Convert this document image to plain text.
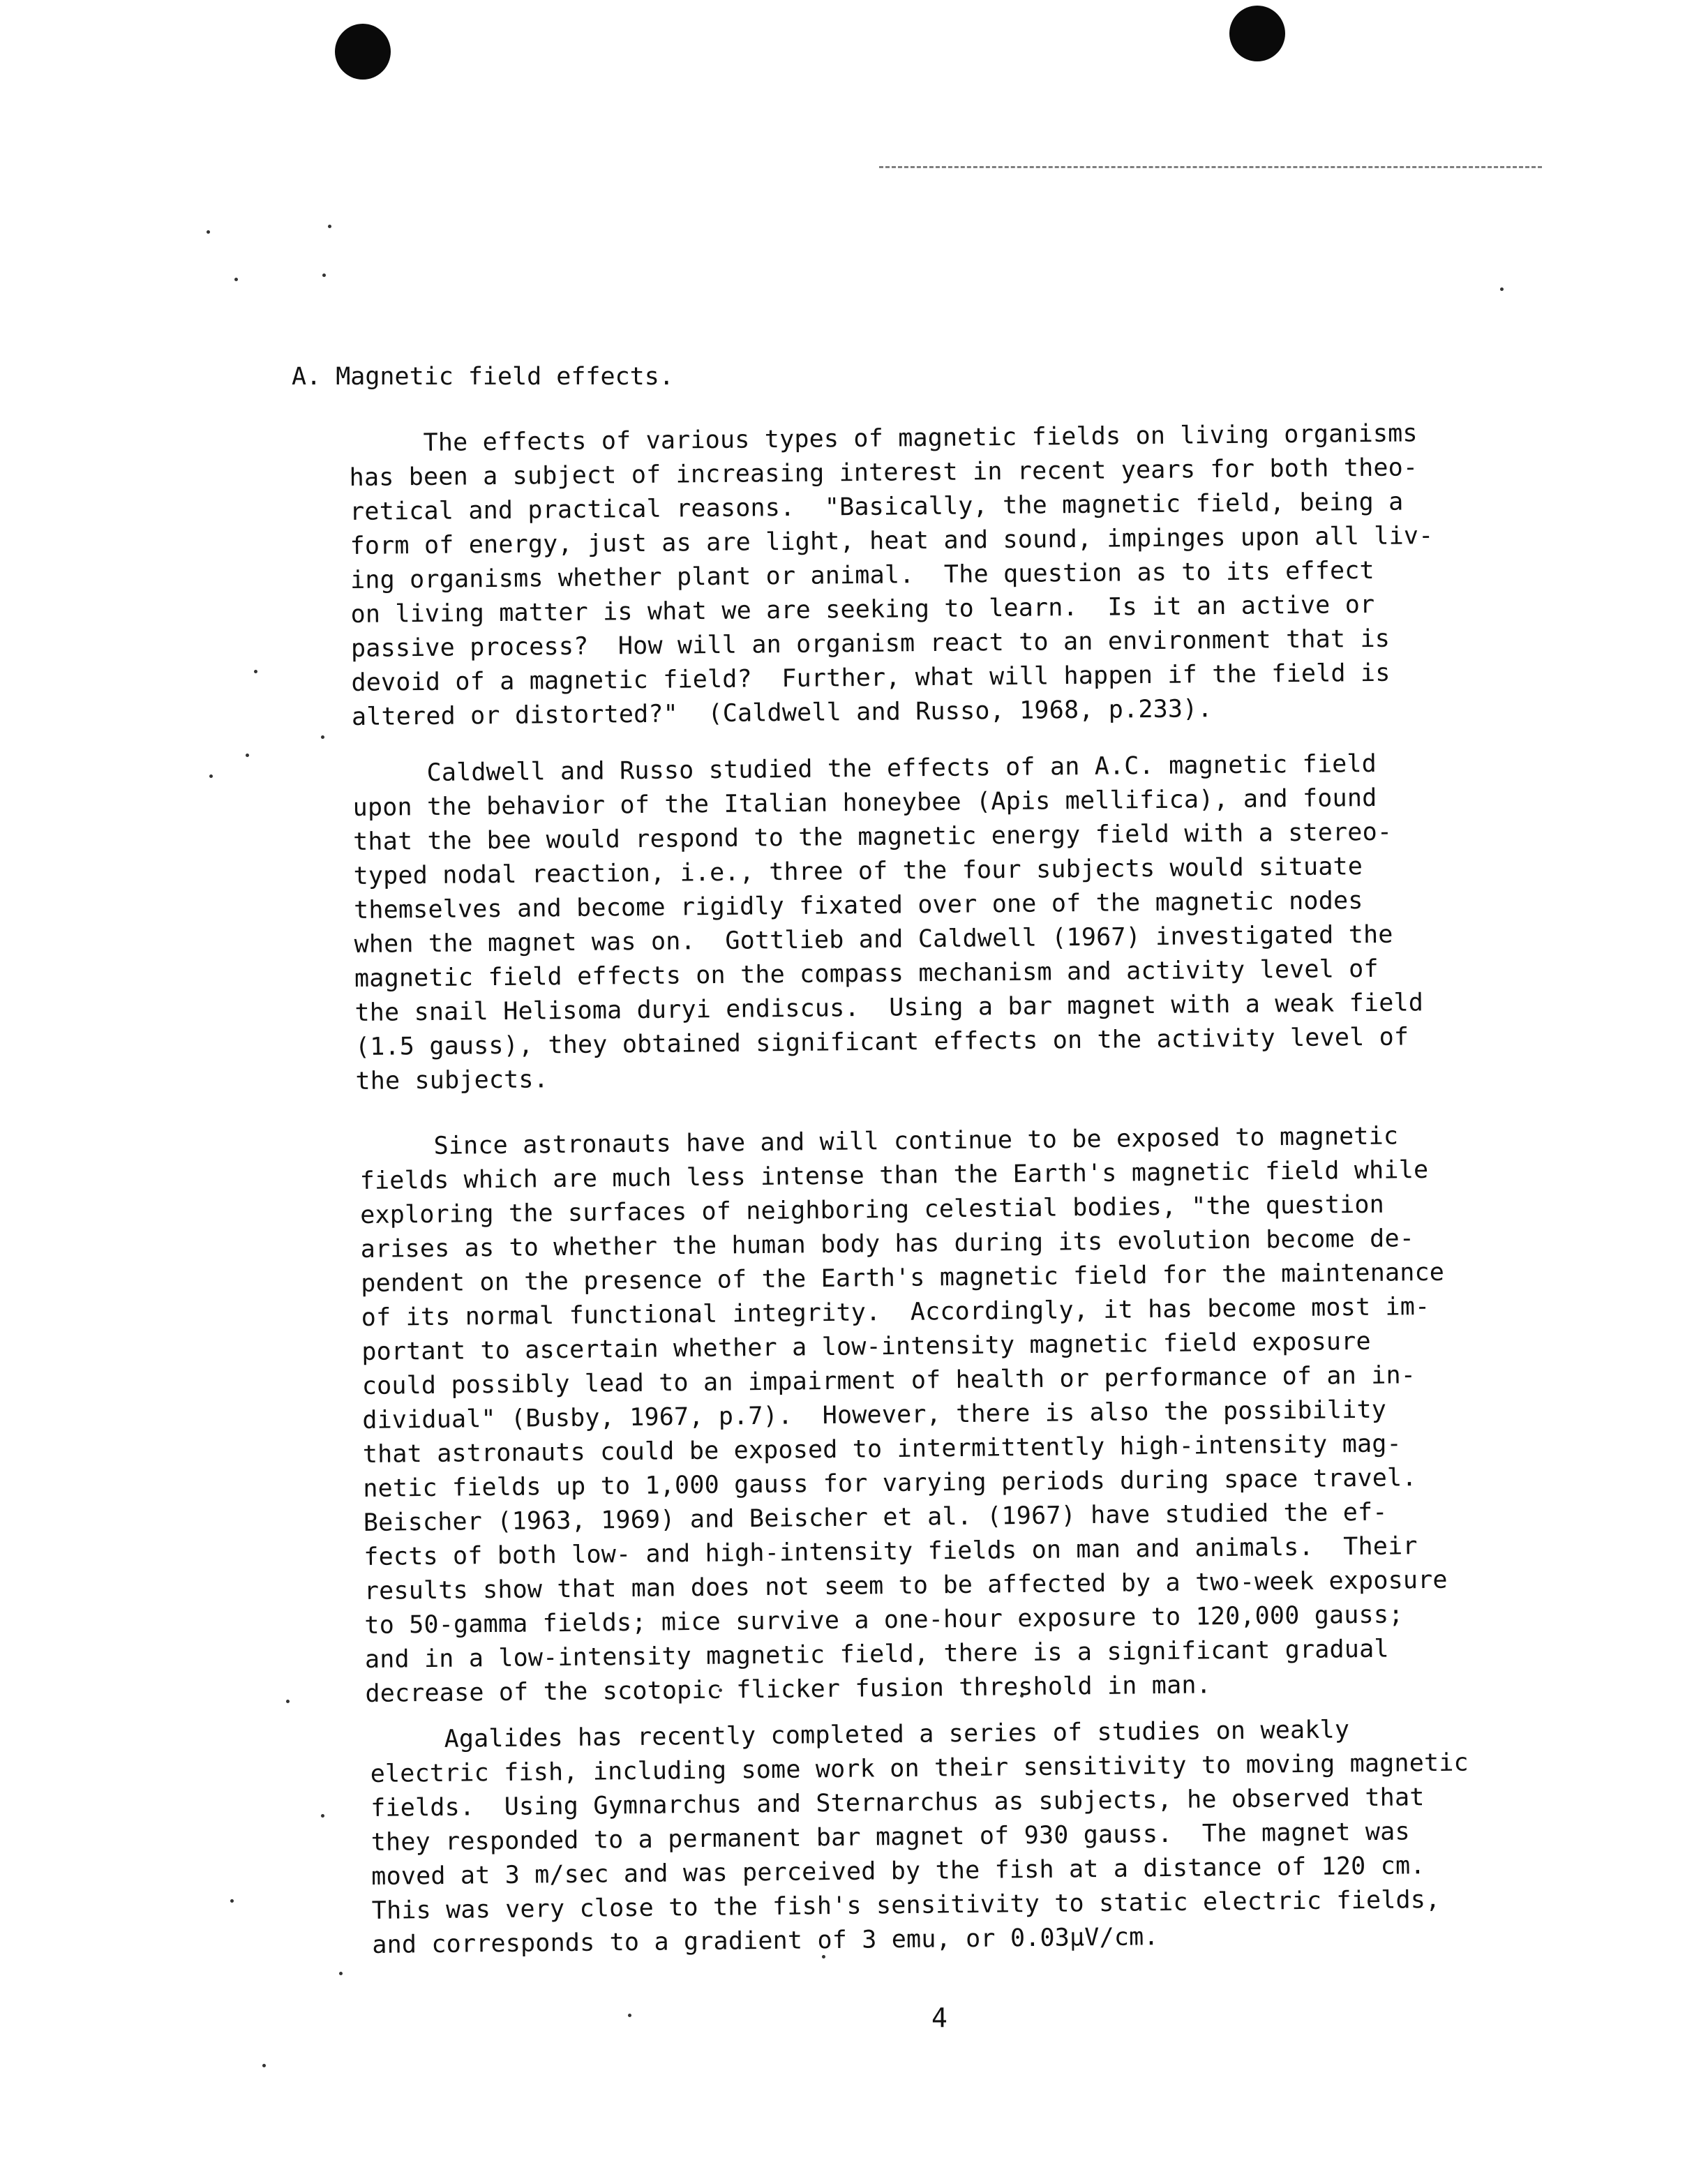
A. Magnetic field effects.

The effects of various types of magnetic fields on living organisms
has been a subject of increasing interest in recent years for both theo-
retical and practical reasons.  "Basically, the magnetic field, being a
form of energy, just as are light, heat and sound, impinges upon all liv-
ing organisms whether plant or animal.  The question as to its effect
on living matter is what we are seeking to learn.  Is it an active or
passive process?  How will an organism react to an environment that is
devoid of a magnetic field?  Further, what will happen if the field is
altered or distorted?"  (Caldwell and Russo, 1968, p.233).

Caldwell and Russo studied the effects of an A.C. magnetic field
upon the behavior of the Italian honeybee (Apis mellifica), and found
that the bee would respond to the magnetic energy field with a stereo-
typed nodal reaction, i.e., three of the four subjects would situate
themselves and become rigidly fixated over one of the magnetic nodes
when the magnet was on.  Gottlieb and Caldwell (1967) investigated the
magnetic field effects on the compass mechanism and activity level of
the snail Helisoma duryi endiscus.  Using a bar magnet with a weak field
(1.5 gauss), they obtained significant effects on the activity level of
the subjects.

Since astronauts have and will continue to be exposed to magnetic
fields which are much less intense than the Earth's magnetic field while
exploring the surfaces of neighboring celestial bodies, "the question
arises as to whether the human body has during its evolution become de-
pendent on the presence of the Earth's magnetic field for the maintenance
of its normal functional integrity.  Accordingly, it has become most im-
portant to ascertain whether a low-intensity magnetic field exposure
could possibly lead to an impairment of health or performance of an in-
dividual" (Busby, 1967, p.7).  However, there is also the possibility
that astronauts could be exposed to intermittently high-intensity mag-
netic fields up to 1,000 gauss for varying periods during space travel.
Beischer (1963, 1969) and Beischer et al. (1967) have studied the ef-
fects of both low- and high-intensity fields on man and animals.  Their
results show that man does not seem to be affected by a two-week exposure
to 50-gamma fields; mice survive a one-hour exposure to 120,000 gauss;
and in a low-intensity magnetic field, there is a significant gradual
decrease of the scotopic flicker fusion threshold in man.

Agalides has recently completed a series of studies on weakly
electric fish, including some work on their sensitivity to moving magnetic
fields.  Using Gymnarchus and Sternarchus as subjects, he observed that
they responded to a permanent bar magnet of 930 gauss.  The magnet was
moved at 3 m/sec and was perceived by the fish at a distance of 120 cm.
This was very close to the fish's sensitivity to static electric fields,
and corresponds to a gradient of 3 emu, or 0.03μV/cm.

4
